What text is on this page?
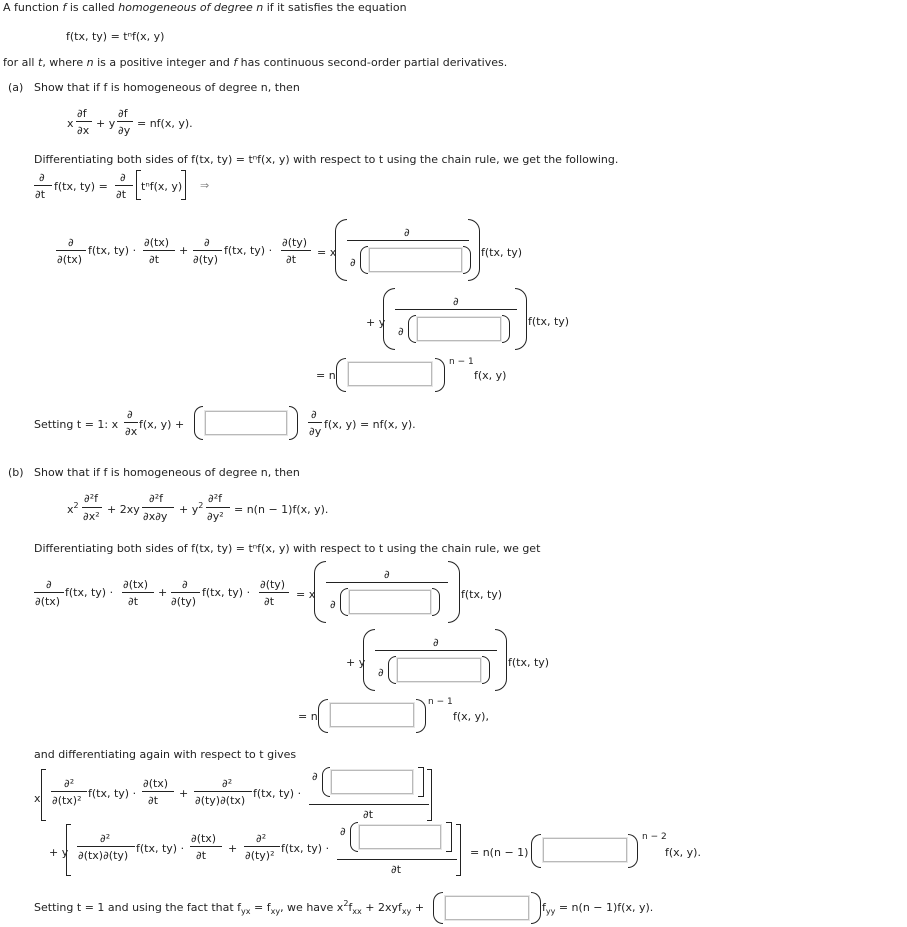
A function f is called homogeneous of degree n if it satisfies the equation
f(tx, ty) = tⁿf(x, y)
for all t, where n is a positive integer and f has continuous second-order partial derivatives.
(a) Show that if f is homogeneous of degree n, then
x
∂f
∂x
+ y
∂f
∂y
= nf(x, y).
Differentiating both sides of f(tx, ty) = tⁿf(x, y) with respect to t using the chain rule, we get the following.
∂
∂t
f(tx, ty) =
∂
∂t
tⁿf(x, y) ⇒
∂
∂(tx)
f(tx, ty) ·
∂(tx)
∂t
+
∂
∂(ty)
f(tx, ty) ·
∂(ty)
∂t
= x
∂
∂
f(tx, ty)
+ y
∂
∂
f(tx, ty)
= n
n − 1
f(x, y)
Setting t = 1: x
∂
∂x
f(x, y) +
∂
∂y
f(x, y) = nf(x, y).
(b) Show that if f is homogeneous of degree n, then
$x^2$
∂²f
∂x²
+ 2xy
∂²f
∂x∂y
+ $y^2$
∂²f
∂y²
= n(n − 1)f(x, y).
Differentiating both sides of f(tx, ty) = tⁿf(x, y) with respect to t using the chain rule, we get
∂
∂(tx)
f(tx, ty) ·
∂(tx)
∂t
+
∂
∂(ty)
f(tx, ty) ·
∂(ty)
∂t
= x
∂
∂
f(tx, ty)
+ y
∂
∂
f(tx, ty)
= n
n − 1
f(x, y),
and differentiating again with respect to t gives
x
∂²
∂(tx)²
f(tx, ty) ·
∂(tx)
∂t
+
∂²
∂(ty)∂(tx)
f(tx, ty) ·
∂
∂t
+ y
∂²
∂(tx)∂(ty)
f(tx, ty) ·
∂(tx)
∂t
+
∂²
∂(ty)²
f(tx, ty) ·
∂
∂t
= n(n − 1)
n − 2
f(x, y).
Setting t = 1 and using the fact that $f_{yx} = f_{xy}$, we have $x^2f_{xx} + 2xyf_{xy}$ +	$f_{yy} = n(n - 1)f(x$, y).
